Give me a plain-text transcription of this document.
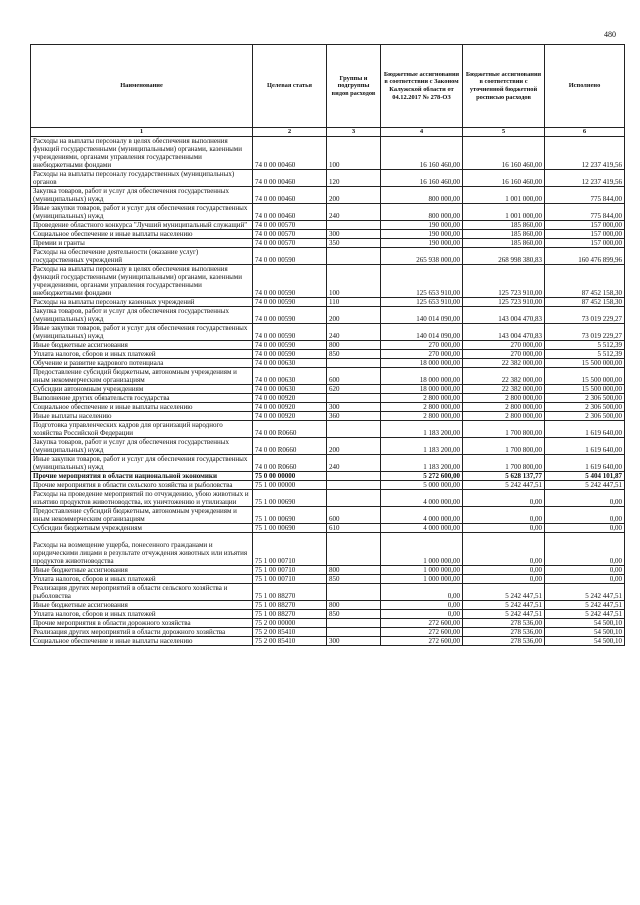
480
Наименование	Целевая статья	Группы и подгруппы видов расходов	Бюджетные ассигнования в соответствии с Законом Калужской области от 04.12.2017 № 278-ОЗ	Бюджетные ассигнования в соответствии с уточненной бюджетной росписью расходов	Исполнено
1	2	3	4	5	6
Расходы на выплаты персоналу в целях обеспечения выполнения функций государственными (муниципальными) органами, казенными учреждениями, органами управления государственными внебюджетными фондами	74 0 00 00460	100	16 160 460,00	16 160 460,00	12 237 419,56
Расходы на выплаты персоналу государственных (муниципальных) органов	74 0 00 00460	120	16 160 460,00	16 160 460,00	12 237 419,56
Закупка товаров, работ и услуг для обеспечения государственных (муниципальных) нужд	74 0 00 00460	200	800 000,00	1 001 000,00	775 844,00
Иные закупки товаров, работ и услуг для обеспечения государственных (муниципальных) нужд	74 0 00 00460	240	800 000,00	1 001 000,00	775 844,00
Проведение областного конкурса "Лучший муниципальный служащий"	74 0 00 00570		190 000,00	185 860,00	157 000,00
Социальное обеспечение и иные выплаты населению	74 0 00 00570	300	190 000,00	185 860,00	157 000,00
Премии и гранты	74 0 00 00570	350	190 000,00	185 860,00	157 000,00
Расходы на обеспечение деятельности (оказание услуг) государственных учреждений	74 0 00 00590		265 938 000,00	268 998 380,83	160 476 899,96
Расходы на выплаты персоналу в целях обеспечения выполнения функций государственными (муниципальными) органами, казенными учреждениями, органами управления государственными внебюджетными фондами	74 0 00 00590	100	125 653 910,00	125 723 910,00	87 452 158,30
Расходы на выплаты персоналу казенных учреждений	74 0 00 00590	110	125 653 910,00	125 723 910,00	87 452 158,30
Закупка товаров, работ и услуг для обеспечения государственных (муниципальных) нужд	74 0 00 00590	200	140 014 090,00	143 004 470,83	73 019 229,27
Иные закупки товаров, работ и услуг для обеспечения государственных (муниципальных) нужд	74 0 00 00590	240	140 014 090,00	143 004 470,83	73 019 229,27
Иные бюджетные ассигнования	74 0 00 00590	800	270 000,00	270 000,00	5 512,39
Уплата налогов, сборов и иных платежей	74 0 00 00590	850	270 000,00	270 000,00	5 512,39
Обучение и развитие кадрового потенциала	74 0 00 00630		18 000 000,00	22 382 000,00	15 500 000,00
Предоставление субсидий бюджетным, автономным учреждениям и иным некоммерческим организациям	74 0 00 00630	600	18 000 000,00	22 382 000,00	15 500 000,00
Субсидии автономным учреждениям	74 0 00 00630	620	18 000 000,00	22 382 000,00	15 500 000,00
Выполнение других обязательств государства	74 0 00 00920		2 800 000,00	2 800 000,00	2 306 500,00
Социальное обеспечение и иные выплаты населению	74 0 00 00920	300	2 800 000,00	2 800 000,00	2 306 500,00
Иные выплаты населению	74 0 00 00920	360	2 800 000,00	2 800 000,00	2 306 500,00
Подготовка управленческих кадров для организаций народного хозяйства Российской Федерации	74 0 00 R0660		1 183 200,00	1 700 800,00	1 619 640,00
Закупка товаров, работ и услуг для обеспечения государственных (муниципальных) нужд	74 0 00 R0660	200	1 183 200,00	1 700 800,00	1 619 640,00
Иные закупки товаров, работ и услуг для обеспечения государственных (муниципальных) нужд	74 0 00 R0660	240	1 183 200,00	1 700 800,00	1 619 640,00
Прочие мероприятия в области национальной экономики	75 0 00 00000		5 272 600,00	5 628 137,77	5 404 101,87
Прочие мероприятия в области сельского хозяйства и рыболовства	75 1 00 00000		5 000 000,00	5 242 447,51	5 242 447,51
Расходы на проведение мероприятий по отчуждению, убою животных и изъятию продуктов животноводства, их уничтожению и утилизации	75 1 00 00690		4 000 000,00	0,00	0,00
Предоставление субсидий бюджетным, автономным учреждениям и иным некоммерческим организациям	75 1 00 00690	600	4 000 000,00	0,00	0,00
Субсидии бюджетным учреждениям	75 1 00 00690	610	4 000 000,00	0,00	0,00
Расходы на возмещение ущерба, понесенного гражданами и юридическими лицами в результате отчуждения животных или изъятия продуктов животноводства	75 1 00 00710		1 000 000,00	0,00	0,00
Иные бюджетные ассигнования	75 1 00 00710	800	1 000 000,00	0,00	0,00
Уплата налогов, сборов и иных платежей	75 1 00 00710	850	1 000 000,00	0,00	0,00
Реализация других мероприятий в области сельского хозяйства и рыболовства	75 1 00 88270		0,00	5 242 447,51	5 242 447,51
Иные бюджетные ассигнования	75 1 00 88270	800	0,00	5 242 447,51	5 242 447,51
Уплата налогов, сборов и иных платежей	75 1 00 88270	850	0,00	5 242 447,51	5 242 447,51
Прочие мероприятия в области дорожного хозяйства	75 2 00 00000		272 600,00	278 536,00	54 500,10
Реализация других мероприятий в области дорожного хозяйства	75 2 00 85410		272 600,00	278 536,00	54 500,10
Социальное обеспечение и иные выплаты населению	75 2 00 85410	300	272 600,00	278 536,00	54 500,10
